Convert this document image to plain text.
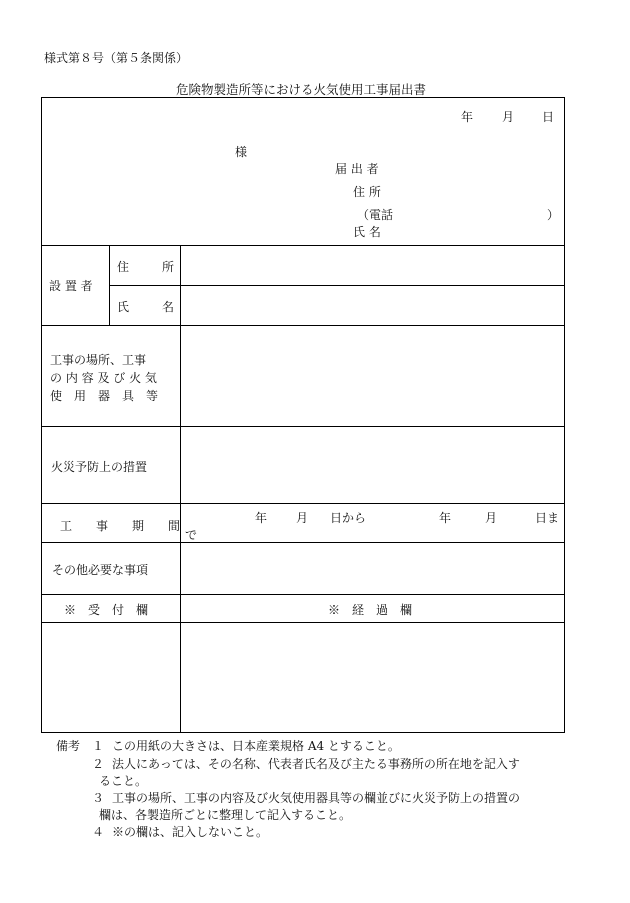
様式第８号（第５条関係）
危険物製造所等における火気使用工事届出書
年 月 日
様
届 出 者
住 所
（電話	）
氏 名
設 置 者
住	所
氏	名
工事の場所、工事
の 内 容 及 び 火 気
使　用　器　具　等
火災予防上の措置
工　　事　　期　　間
年 月 日から	年	月	日ま
で
その他必要な事項
※　受　付　欄	※　経　過　欄
備考 １ この用紙の大きさは、日本産業規格 A4 とすること。
２ 法人にあっては、その名称、代表者氏名及び主たる事務所の所在地を記入す
ること。
３ 工事の場所、工事の内容及び火気使用器具等の欄並びに火災予防上の措置の
欄は、各製造所ごとに整理して記入すること。
４ ※の欄は、記入しないこと。
